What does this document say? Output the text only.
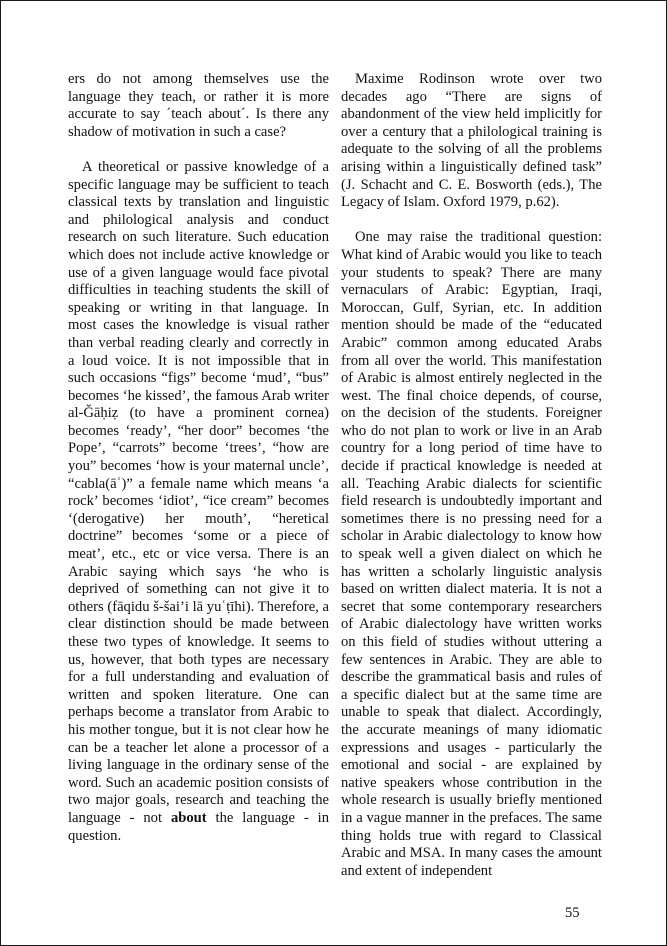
ers do not among themselves use the language they teach, or rather it is more accurate to say ´teach about´. Is there any shadow of motivation in such a case?

A theoretical or passive knowledge of a specific language may be sufficient to teach classical texts by translation and linguistic and philological analysis and conduct research on such literature. Such education which does not include active knowledge or use of a given language would face pivotal difficulties in teaching students the skill of speaking or writing in that language. In most cases the knowledge is visual rather than verbal reading clearly and correctly in a loud voice. It is not impossible that in such occasions “figs” become ‘mud’, “bus” becomes ‘he kissed’, the famous Arab writer al-Ğāḥiẓ (to have a prominent cornea) becomes ‘ready’, “her door” becomes ‘the Pope’, “carrots” become ‘trees’, “how are you” becomes ‘how is your maternal uncle’, “cabla(āʿ)” a female name which means ‘a rock’ becomes ‘idiot’, “ice cream” becomes ‘(derogative) her mouth’, “heretical doctrine” becomes ‘some or a piece of meat’, etc., etc or vice versa. There is an Arabic saying which says ‘he who is deprived of something can not give it to others (fāqidu š-šai’i lā yuʿṭīhi). Therefore, a clear distinction should be made between these two types of knowledge. It seems to us, however, that both types are necessary for a full understanding and evaluation of written and spoken literature. One can perhaps become a translator from Arabic to his mother tongue, but it is not clear how he can be a teacher let alone a processor of a living language in the ordinary sense of the word. Such an academic position consists of two major goals, research and teaching the language - not about the language - in question.

Maxime Rodinson wrote over two decades ago “There are signs of abandonment of the view held implicitly for over a century that a philological training is adequate to the solving of all the problems arising within a linguistically defined task” (J. Schacht and C. E. Bosworth (eds.), The Legacy of Islam. Oxford 1979, p.62).

One may raise the traditional question: What kind of Arabic would you like to teach your students to speak? There are many vernaculars of Arabic: Egyptian, Iraqi, Moroccan, Gulf, Syrian, etc. In addition mention should be made of the “educated Arabic” common among educated Arabs from all over the world. This manifestation of Arabic is almost entirely neglected in the west. The final choice depends, of course, on the decision of the students. Foreigner who do not plan to work or live in an Arab country for a long period of time have to decide if practical knowledge is needed at all. Teaching Arabic dialects for scientific field research is undoubtedly important and sometimes there is no pressing need for a scholar in Arabic dialectology to know how to speak well a given dialect on which he has written a scholarly linguistic analysis based on written dialect materia. It is not a secret that some contemporary researchers of Arabic dialectology have written works on this field of studies without uttering a few sentences in Arabic. They are able to describe the grammatical basis and rules of a specific dialect but at the same time are unable to speak that dialect. Accordingly, the accurate meanings of many idiomatic expressions and usages - particularly the emotional and social - are explained by native speakers whose contribution in the whole research is usually briefly mentioned in a vague manner in the prefaces. The same thing holds true with regard to Classical Arabic and MSA. In many cases the amount and extent of independent

55
